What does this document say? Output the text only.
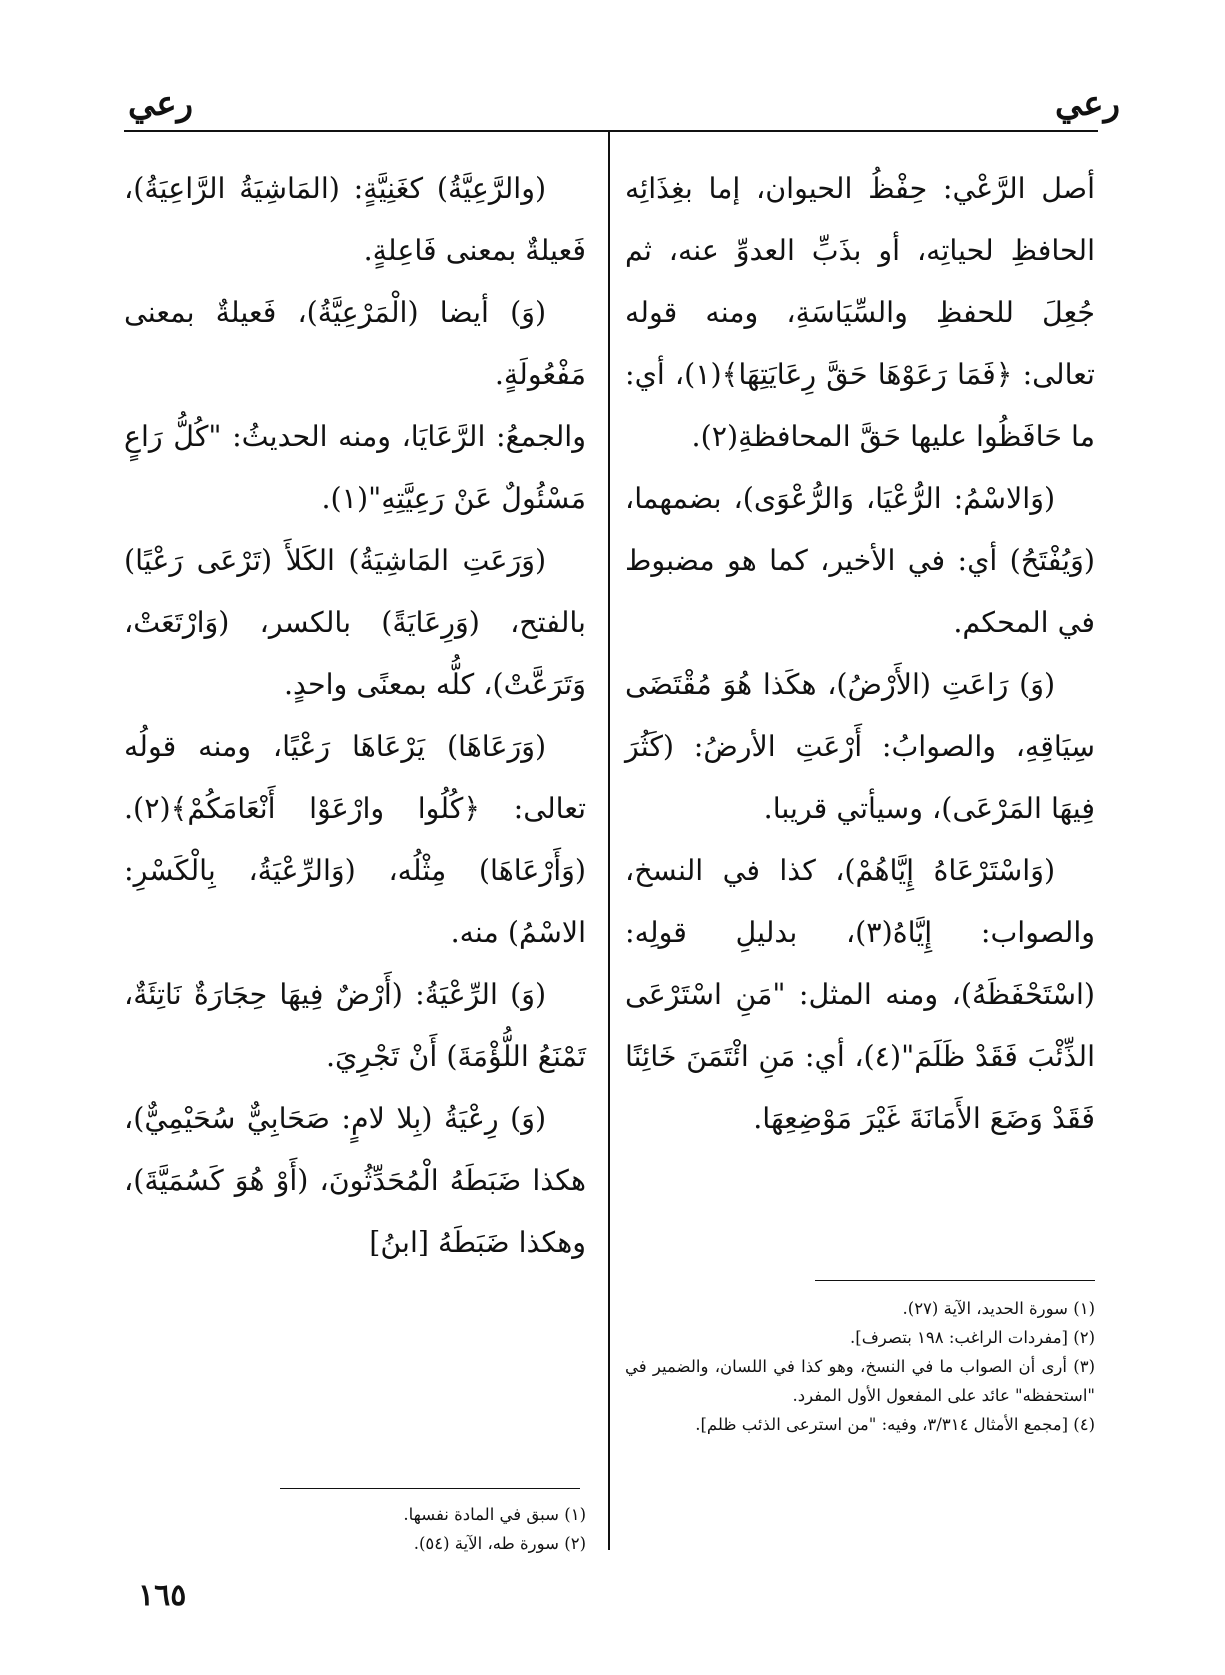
رعي
رعي

أصل الرَّعْي: حِفْظُ الحيوان، إما بغِذَائِه الحافظِ لحياتِه، أو بذَبِّ العدوِّ عنه، ثم جُعِلَ للحفظِ والسِّيَاسَةِ، ومنه قوله تعالى: ﴿فَمَا رَعَوْهَا حَقَّ رِعَايَتِهَا﴾(١)، أي: ما حَافَظُوا عليها حَقَّ المحافظةِ(٢).

(وَالاسْمُ: الرُّعْيَا، وَالرُّعْوَى)، بضمهما، (وَيُفْتَحُ) أي: في الأخير، كما هو مضبوط في المحكم.

(وَ) رَاعَتِ (الأَرْضُ)، هكَذا هُوَ مُقْتَضَى سِيَاقِهِ، والصوابُ: أَرْعَتِ الأرضُ: (كَثُرَ فِيهَا المَرْعَى)، وسيأتي قريبا.

(وَاسْتَرْعَاهُ إِيَّاهُمْ)، كذا في النسخ، والصواب: إِيَّاهُ(٣)، بدليلِ قولِه: (اسْتَحْفَظَهُ)، ومنه المثل: "مَنِ اسْتَرْعَى الذِّئْبَ فَقَدْ ظَلَمَ"(٤)، أي: مَنِ ائْتَمَنَ خَائِنًا فَقَدْ وَضَعَ الأَمَانَةَ غَيْرَ مَوْضِعِهَا.

(والرَّعِيَّةُ) كغَنِيَّةٍ: (المَاشِيَةُ الرَّاعِيَةُ)، فَعيلةٌ بمعنى فَاعِلةٍ.

(وَ) أيضا (الْمَرْعِيَّةُ)، فَعيلةٌ بمعنى مَفْعُولَةٍ.

والجمعُ: الرَّعَايَا، ومنه الحديثُ: "كُلُّ رَاعٍ مَسْئُولٌ عَنْ رَعِيَّتِهِ"(١).

(وَرَعَتِ المَاشِيَةُ) الكَلأَ (تَرْعَى رَعْيًا) بالفتح، (وَرِعَايَةً) بالكسر، (وَارْتَعَتْ، وَتَرَعَّتْ)، كلُّه بمعنًى واحدٍ.

(وَرَعَاهَا) يَرْعَاهَا رَعْيًا، ومنه قولُه تعالى: ﴿كُلُوا وارْعَوْا أَنْعَامَكُمْ﴾(٢). (وَأَرْعَاهَا) مِثْلُه، (وَالرِّعْيَةُ، بِالْكَسْرِ: الاسْمُ) منه.

(وَ) الرِّعْيَةُ: (أَرْضٌ فِيهَا حِجَارَةٌ نَاتِئَةٌ، تَمْنَعُ اللُّؤْمَةَ) أَنْ تَجْرِيَ.

(وَ) رِعْيَةُ (بِلا لامٍ: صَحَابِيٌّ سُحَيْمِيٌّ)، هكذا ضَبَطَهُ الْمُحَدِّثُونَ، (أَوْ هُوَ كَسُمَيَّةَ)، وهكذا ضَبَطَهُ [ابنُ]

(١) سورة الحديد، الآية (٢٧).

(٢) [مفردات الراغب: ١٩٨ بتصرف].

(٣) أرى أن الصواب ما في النسخ، وهو كذا في اللسان، والضمير في "استحفظه" عائد على المفعول الأول المفرد.

(٤) [مجمع الأمثال ٣/٣١٤، وفيه: "من استرعى الذئب ظلم].

(١) سبق في المادة نفسها.

(٢) سورة طه، الآية (٥٤).

١٦٥
